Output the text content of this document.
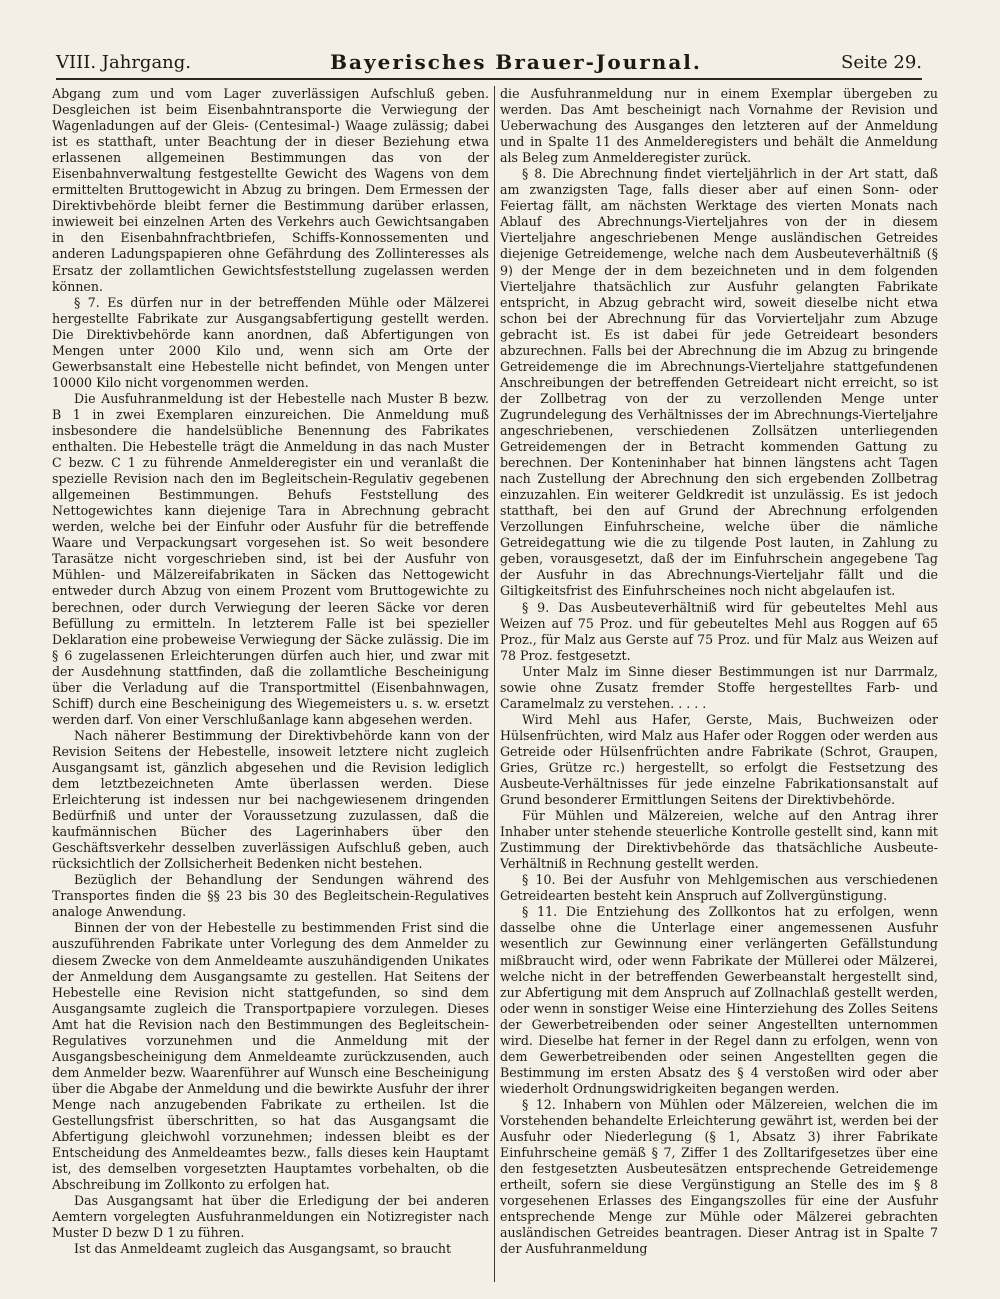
VIII. Jahrgang.	Bayerisches Brauer-Journal.	Seite 29.

Abgang zum und vom Lager zuverlässigen Aufschluß geben. Desgleichen ist beim Eisenbahntransporte die Verwiegung der Wagenladungen auf der Gleis- (Centesimal-) Waage zulässig; dabei ist es statthaft, unter Beachtung der in dieser Beziehung etwa erlassenen allgemeinen Bestimmungen das von der Eisenbahnverwaltung festgestellte Gewicht des Wagens von dem ermittelten Bruttogewicht in Abzug zu bringen. Dem Ermessen der Direktivbehörde bleibt ferner die Bestimmung darüber erlassen, inwieweit bei einzelnen Arten des Verkehrs auch Gewichtsangaben in den Eisenbahnfrachtbriefen, Schiffs-Konnossementen und anderen Ladungspapieren ohne Gefährdung des Zollinteresses als Ersatz der zollamtlichen Gewichtsfeststellung zugelassen werden können.

§ 7. Es dürfen nur in der betreffenden Mühle oder Mälzerei hergestellte Fabrikate zur Ausgangsabfertigung gestellt werden. Die Direktivbehörde kann anordnen, daß Abfertigungen von Mengen unter 2000 Kilo und, wenn sich am Orte der Gewerbsanstalt eine Hebestelle nicht befindet, von Mengen unter 10000 Kilo nicht vorgenommen werden.

Die Ausfuhranmeldung ist der Hebestelle nach Muster B bezw. B 1 in zwei Exemplaren einzureichen. Die Anmeldung muß insbesondere die handelsübliche Benennung des Fabrikates enthalten. Die Hebestelle trägt die Anmeldung in das nach Muster C bezw. C 1 zu führende Anmelderegister ein und veranlaßt die spezielle Revision nach den im Begleitschein-Regulativ gegebenen allgemeinen Bestimmungen. Behufs Feststellung des Nettogewichtes kann diejenige Tara in Abrechnung gebracht werden, welche bei der Einfuhr oder Ausfuhr für die betreffende Waare und Verpackungsart vorgesehen ist. So weit besondere Tarasätze nicht vorgeschrieben sind, ist bei der Ausfuhr von Mühlen- und Mälzereifabrikaten in Säcken das Nettogewicht entweder durch Abzug von einem Prozent vom Bruttogewichte zu berechnen, oder durch Verwiegung der leeren Säcke vor deren Befüllung zu ermitteln. In letzterem Falle ist bei spezieller Deklaration eine probeweise Verwiegung der Säcke zulässig. Die im § 6 zugelassenen Erleichterungen dürfen auch hier, und zwar mit der Ausdehnung stattfinden, daß die zollamtliche Bescheinigung über die Verladung auf die Transportmittel (Eisenbahnwagen, Schiff) durch eine Bescheinigung des Wiegemeisters u. s. w. ersetzt werden darf. Von einer Verschlußanlage kann abgesehen werden.

Nach näherer Bestimmung der Direktivbehörde kann von der Revision Seitens der Hebestelle, insoweit letztere nicht zugleich Ausgangsamt ist, gänzlich abgesehen und die Revision lediglich dem letztbezeichneten Amte überlassen werden. Diese Erleichterung ist indessen nur bei nachgewiesenem dringenden Bedürfniß und unter der Voraussetzung zuzulassen, daß die kaufmännischen Bücher des Lagerinhabers über den Geschäftsverkehr desselben zuverlässigen Aufschluß geben, auch rücksichtlich der Zollsicherheit Bedenken nicht bestehen.

Bezüglich der Behandlung der Sendungen während des Transportes finden die §§ 23 bis 30 des Begleitschein-Regulatives analoge Anwendung.

Binnen der von der Hebestelle zu bestimmenden Frist sind die auszuführenden Fabrikate unter Vorlegung des dem Anmelder zu diesem Zwecke von dem Anmeldeamte auszuhändigenden Unikates der Anmeldung dem Ausgangsamte zu gestellen. Hat Seitens der Hebestelle eine Revision nicht stattgefunden, so sind dem Ausgangsamte zugleich die Transportpapiere vorzulegen. Dieses Amt hat die Revision nach den Bestimmungen des Begleitschein-Regulatives vorzunehmen und die Anmeldung mit der Ausgangsbescheinigung dem Anmeldeamte zurückzusenden, auch dem Anmelder bezw. Waarenführer auf Wunsch eine Bescheinigung über die Abgabe der Anmeldung und die bewirkte Ausfuhr der ihrer Menge nach anzugebenden Fabrikate zu ertheilen. Ist die Gestellungsfrist überschritten, so hat das Ausgangsamt die Abfertigung gleichwohl vorzunehmen; indessen bleibt es der Entscheidung des Anmeldeamtes bezw., falls dieses kein Hauptamt ist, des demselben vorgesetzten Hauptamtes vorbehalten, ob die Abschreibung im Zollkonto zu erfolgen hat.

Das Ausgangsamt hat über die Erledigung der bei anderen Aemtern vorgelegten Ausfuhranmeldungen ein Notizregister nach Muster D bezw D 1 zu führen.

Ist das Anmeldeamt zugleich das Ausgangsamt, so braucht

die Ausfuhranmeldung nur in einem Exemplar übergeben zu werden. Das Amt bescheinigt nach Vornahme der Revision und Ueberwachung des Ausganges den letzteren auf der Anmeldung und in Spalte 11 des Anmelderegisters und behält die Anmeldung als Beleg zum Anmelderegister zurück.

§ 8. Die Abrechnung findet vierteljährlich in der Art statt, daß am zwanzigsten Tage, falls dieser aber auf einen Sonn- oder Feiertag fällt, am nächsten Werktage des vierten Monats nach Ablauf des Abrechnungs-Vierteljahres von der in diesem Vierteljahre angeschriebenen Menge ausländischen Getreides diejenige Getreidemenge, welche nach dem Ausbeuteverhältniß (§ 9) der Menge der in dem bezeichneten und in dem folgenden Vierteljahre thatsächlich zur Ausfuhr gelangten Fabrikate entspricht, in Abzug gebracht wird, soweit dieselbe nicht etwa schon bei der Abrechnung für das Vorvierteljahr zum Abzuge gebracht ist. Es ist dabei für jede Getreideart besonders abzurechnen. Falls bei der Abrechnung die im Abzug zu bringende Getreidemenge die im Abrechnungs-Vierteljahre stattgefundenen Anschreibungen der betreffenden Getreideart nicht erreicht, so ist der Zollbetrag von der zu verzollenden Menge unter Zugrundelegung des Verhältnisses der im Abrechnungs-Vierteljahre angeschriebenen, verschiedenen Zollsätzen unterliegenden Getreidemengen der in Betracht kommenden Gattung zu berechnen. Der Konteninhaber hat binnen längstens acht Tagen nach Zustellung der Abrechnung den sich ergebenden Zollbetrag einzuzahlen. Ein weiterer Geldkredit ist unzulässig. Es ist jedoch statthaft, bei den auf Grund der Abrechnung erfolgenden Verzollungen Einfuhrscheine, welche über die nämliche Getreidegattung wie die zu tilgende Post lauten, in Zahlung zu geben, vorausgesetzt, daß der im Einfuhrschein angegebene Tag der Ausfuhr in das Abrechnungs-Vierteljahr fällt und die Giltigkeitsfrist des Einfuhrscheines noch nicht abgelaufen ist.

§ 9. Das Ausbeuteverhältniß wird für gebeuteltes Mehl aus Weizen auf 75 Proz. und für gebeuteltes Mehl aus Roggen auf 65 Proz., für Malz aus Gerste auf 75 Proz. und für Malz aus Weizen auf 78 Proz. festgesetzt.

Unter Malz im Sinne dieser Bestimmungen ist nur Darrmalz, sowie ohne Zusatz fremder Stoffe hergestelltes Farb- und Caramelmalz zu verstehen. . . . .

Wird Mehl aus Hafer, Gerste, Mais, Buchweizen oder Hülsenfrüchten, wird Malz aus Hafer oder Roggen oder werden aus Getreide oder Hülsenfrüchten andre Fabrikate (Schrot, Graupen, Gries, Grütze rc.) hergestellt, so erfolgt die Festsetzung des Ausbeute-Verhältnisses für jede einzelne Fabrikationsanstalt auf Grund besonderer Ermittlungen Seitens der Direktivbehörde.

Für Mühlen und Mälzereien, welche auf den Antrag ihrer Inhaber unter stehende steuerliche Kontrolle gestellt sind, kann mit Zustimmung der Direktivbehörde das thatsächliche Ausbeute-Verhältniß in Rechnung gestellt werden.

§ 10. Bei der Ausfuhr von Mehlgemischen aus verschiedenen Getreidearten besteht kein Anspruch auf Zollvergünstigung.

§ 11. Die Entziehung des Zollkontos hat zu erfolgen, wenn dasselbe ohne die Unterlage einer angemessenen Ausfuhr wesentlich zur Gewinnung einer verlängerten Gefällstundung mißbraucht wird, oder wenn Fabrikate der Müllerei oder Mälzerei, welche nicht in der betreffenden Gewerbeanstalt hergestellt sind, zur Abfertigung mit dem Anspruch auf Zollnachlaß gestellt werden, oder wenn in sonstiger Weise eine Hinterziehung des Zolles Seitens der Gewerbetreibenden oder seiner Angestellten unternommen wird. Dieselbe hat ferner in der Regel dann zu erfolgen, wenn von dem Gewerbetreibenden oder seinen Angestellten gegen die Bestimmung im ersten Absatz des § 4 verstoßen wird oder aber wiederholt Ordnungswidrigkeiten begangen werden.

§ 12. Inhabern von Mühlen oder Mälzereien, welchen die im Vorstehenden behandelte Erleichterung gewährt ist, werden bei der Ausfuhr oder Niederlegung (§ 1, Absatz 3) ihrer Fabrikate Einfuhrscheine gemäß § 7, Ziffer 1 des Zolltarifgesetzes über eine den festgesetzten Ausbeutesätzen entsprechende Getreidemenge ertheilt, sofern sie diese Vergünstigung an Stelle des im § 8 vorgesehenen Erlasses des Eingangszolles für eine der Ausfuhr entsprechende Menge zur Mühle oder Mälzerei gebrachten ausländischen Getreides beantragen. Dieser Antrag ist in Spalte 7 der Ausfuhranmeldung
